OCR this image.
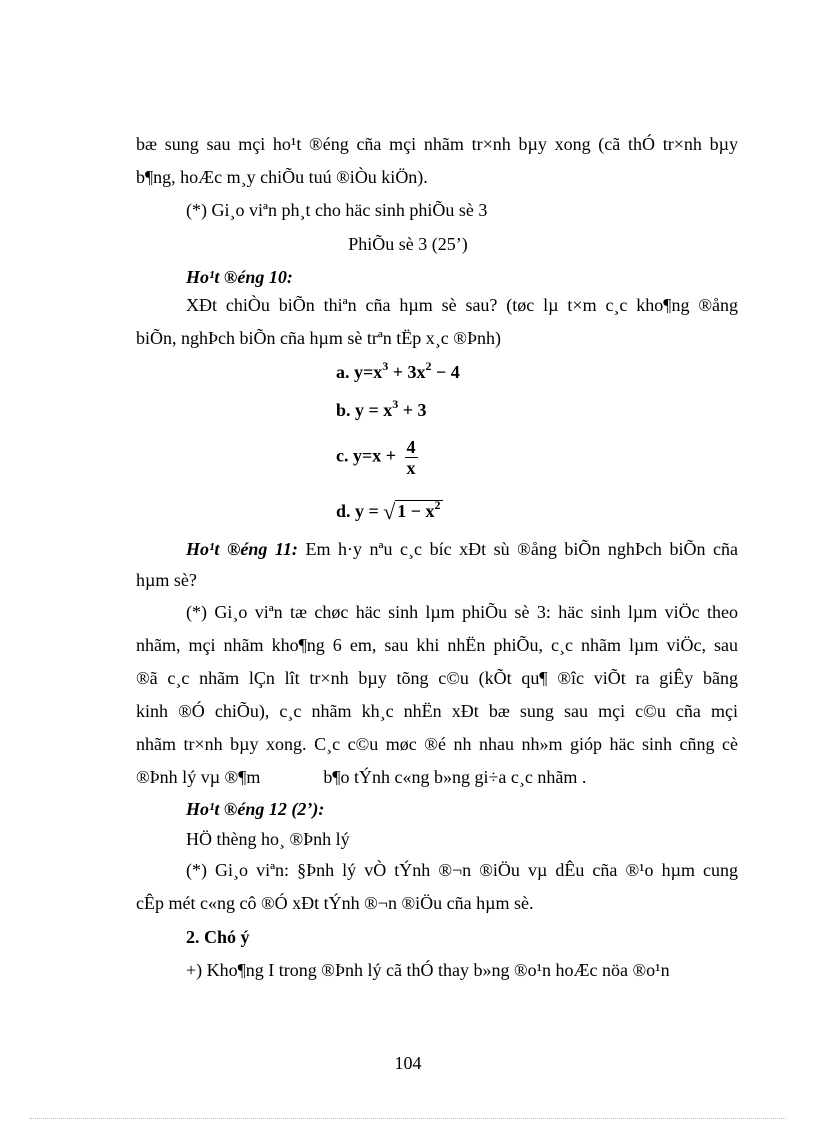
bæ sung sau mçi ho¹t ®éng cña mçi nhãm tr×nh bµy xong (cã thÓ tr×nh bµy
b¶ng, hoÆc m¸y chiÕu tuú ®iÒu kiÖn).
(*) Gi¸o viªn ph¸t cho häc sinh phiÕu sè 3
PhiÕu sè 3 (25’)
Ho¹t ®éng 10:
XÐt chiÒu biÕn thiªn cña hµm sè sau? (tøc lµ t×m c¸c kho¶ng ®ång
biÕn, nghÞch biÕn cña hµm sè trªn tËp x¸c ®Þnh)
a. $y=x^3 + 3x^2 - 4$
b. $y = x^3 + 3$
c. $y=x + \frac{4}{x}$
d. y = √ $1 - x^2$
Ho¹t ®éng 11: Em h·y nªu c¸c bíc xÐt sù ®ång biÕn nghÞch biÕn cña
hµm sè?
(*) Gi¸o viªn tæ chøc häc sinh lµm phiÕu sè 3: häc sinh lµm viÖc theo
nhãm, mçi nhãm kho¶ng 6 em, sau khi nhËn phiÕu, c¸c nhãm lµm viÖc, sau
®ã c¸c nhãm lÇn lît tr×nh bµy tõng c©u (kÕt qu¶ ®îc viÕt ra giÊy bãng
kinh ®Ó chiÕu), c¸c nhãm kh¸c nhËn xÐt bæ sung sau mçi c©u cña mçi
nhãm tr×nh bµy xong. C¸c c©u møc ®é nh nhau nh»m gióp häc sinh cñng cè
®Þnh lý vµ ®¶m              b¶o tÝnh c«ng b»ng gi÷a c¸c nhãm .
Ho¹t ®éng 12 (2’):
HÖ thèng ho¸ ®Þnh lý
(*) Gi¸o viªn: §Þnh lý vÒ tÝnh ®¬n ®iÖu vµ dÊu cña ®¹o hµm cung
cÊp mét c«ng cô ®Ó xÐt tÝnh ®¬n ®iÖu cña hµm sè.
2. Chó ý
+) Kho¶ng I trong ®Þnh lý cã thÓ thay b»ng ®o¹n hoÆc nöa ®o¹n
104
